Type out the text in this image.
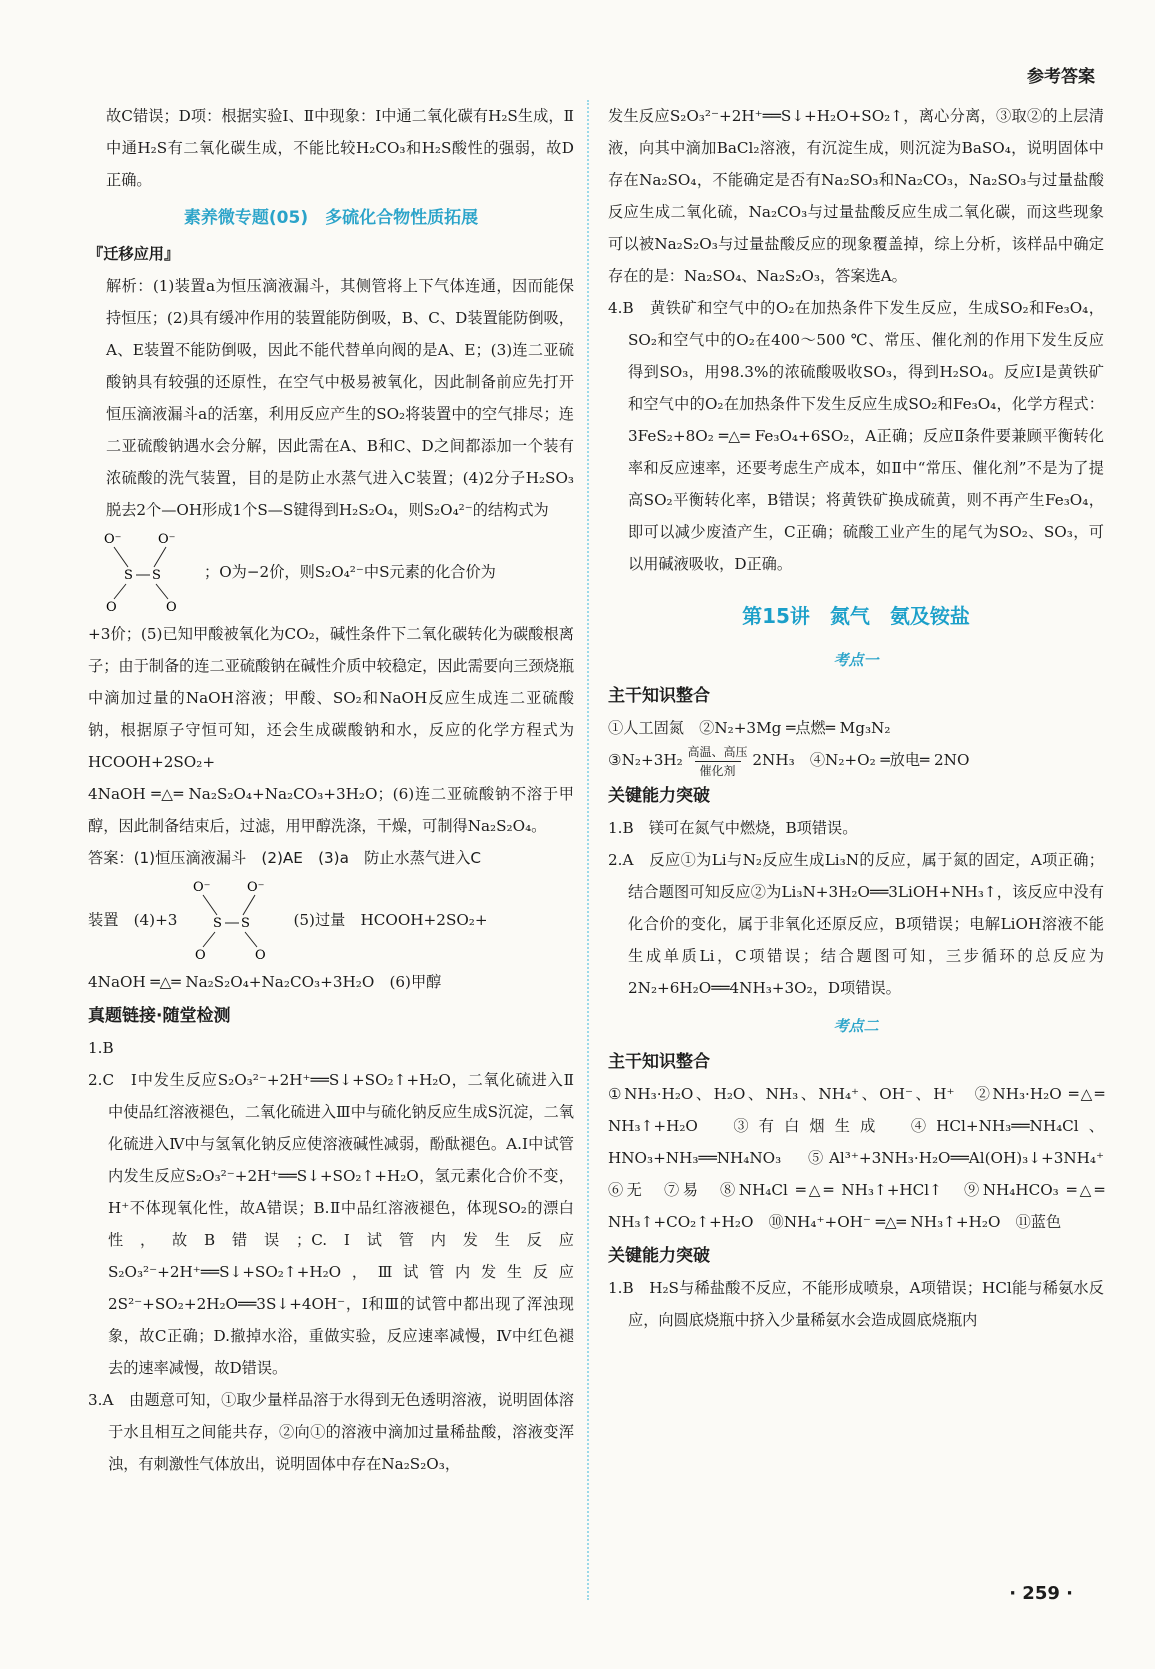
参考答案

故C错误；D项：根据实验Ⅰ、Ⅱ中现象：Ⅰ中通二氧化碳有H₂S生成，Ⅱ中通H₂S有二氧化碳生成，不能比较H₂CO₃和H₂S酸性的强弱，故D正确。

素养微专题(05)　多硫化合物性质拓展

『迁移应用』

解析：(1)装置a为恒压滴液漏斗，其侧管将上下气体连通，因而能保持恒压；(2)具有缓冲作用的装置能防倒吸，B、C、D装置能防倒吸，A、E装置不能防倒吸，因此不能代替单向阀的是A、E；(3)连二亚硫酸钠具有较强的还原性，在空气中极易被氧化，因此制备前应先打开恒压滴液漏斗a的活塞，利用反应产生的SO₂将装置中的空气排尽；连二亚硫酸钠遇水会分解，因此需在A、B和C、D之间都添加一个装有浓硫酸的洗气装置，目的是防止水蒸气进入C装置；(4)2分子H₂SO₃脱去2个—OH形成1个S—S键得到H₂S₂O₄，则S₂O₄²⁻的结构式为

O⁻	O⁻
S S
O	O
；O为−2价，则S₂O₄²⁻中S元素的化合价为

+3价；(5)已知甲酸被氧化为CO₂，碱性条件下二氧化碳转化为碳酸根离子；由于制备的连二亚硫酸钠在碱性介质中较稳定，因此需要向三颈烧瓶中滴加过量的NaOH溶液；甲酸、SO₂和NaOH反应生成连二亚硫酸钠，根据原子守恒可知，还会生成碳酸钠和水，反应的化学方程式为HCOOH+2SO₂+

4NaOH ═△═ Na₂S₂O₄+Na₂CO₃+3H₂O；(6)连二亚硫酸钠不溶于甲醇，因此制备结束后，过滤，用甲醇洗涤，干燥，可制得Na₂S₂O₄。

答案：(1)恒压滴液漏斗　(2)AE　(3)a　防止水蒸气进入C

装置　(4)+3
O⁻	O⁻
S S
O	O
(5)过量　HCOOH+2SO₂+

4NaOH ═△═ Na₂S₂O₄+Na₂CO₃+3H₂O　(6)甲醇

真题链接·随堂检测

1.B

2.C　Ⅰ中发生反应S₂O₃²⁻+2H⁺══S↓+SO₂↑+H₂O，二氧化硫进入Ⅱ中使品红溶液褪色，二氧化硫进入Ⅲ中与硫化钠反应生成S沉淀，二氧化硫进入Ⅳ中与氢氧化钠反应使溶液碱性减弱，酚酞褪色。A.Ⅰ中试管内发生反应S₂O₃²⁻+2H⁺══S↓+SO₂↑+H₂O，氢元素化合价不变，H⁺不体现氧化性，故A错误；B.Ⅱ中品红溶液褪色，体现SO₂的漂白性，故B错误；C.Ⅰ试管内发生反应S₂O₃²⁻+2H⁺══S↓+SO₂↑+H₂O，Ⅲ试管内发生反应2S²⁻+SO₂+2H₂O══3S↓+4OH⁻，Ⅰ和Ⅲ的试管中都出现了浑浊现象，故C正确；D.撤掉水浴，重做实验，反应速率减慢，Ⅳ中红色褪去的速率减慢，故D错误。

3.A　由题意可知，①取少量样品溶于水得到无色透明溶液，说明固体溶于水且相互之间能共存，②向①的溶液中滴加过量稀盐酸，溶液变浑浊，有刺激性气体放出，说明固体中存在Na₂S₂O₃，

发生反应S₂O₃²⁻+2H⁺══S↓+H₂O+SO₂↑，离心分离，③取②的上层清液，向其中滴加BaCl₂溶液，有沉淀生成，则沉淀为BaSO₄，说明固体中存在Na₂SO₄，不能确定是否有Na₂SO₃和Na₂CO₃，Na₂SO₃与过量盐酸反应生成二氧化硫，Na₂CO₃与过量盐酸反应生成二氧化碳，而这些现象可以被Na₂S₂O₃与过量盐酸反应的现象覆盖掉，综上分析，该样品中确定存在的是：Na₂SO₄、Na₂S₂O₃，答案选A。

4.B　黄铁矿和空气中的O₂在加热条件下发生反应，生成SO₂和Fe₃O₄，SO₂和空气中的O₂在400～500 ℃、常压、催化剂的作用下发生反应得到SO₃，用98.3%的浓硫酸吸收SO₃，得到H₂SO₄。反应Ⅰ是黄铁矿和空气中的O₂在加热条件下发生反应生成SO₂和Fe₃O₄，化学方程式：3FeS₂+8O₂ ═△═ Fe₃O₄+6SO₂，A正确；反应Ⅱ条件要兼顾平衡转化率和反应速率，还要考虑生产成本，如Ⅱ中“常压、催化剂”不是为了提高SO₂平衡转化率，B错误；将黄铁矿换成硫黄，则不再产生Fe₃O₄，即可以减少废渣产生，C正确；硫酸工业产生的尾气为SO₂、SO₃，可以用碱液吸收，D正确。

第15讲　氮气　氨及铵盐
考点一
主干知识整合

①人工固氮　②N₂+3Mg ═点燃═ Mg₃N₂

③N₂+3H₂ 高温、高压
催化剂
2NH₃　④N₂+O₂ ═放电═ 2NO

关键能力突破

1.B　镁可在氮气中燃烧，B项错误。

2.A　反应①为Li与N₂反应生成Li₃N的反应，属于氮的固定，A项正确；结合题图可知反应②为Li₃N+3H₂O══3LiOH+NH₃↑，该反应中没有化合价的变化，属于非氧化还原反应，B项错误；电解LiOH溶液不能生成单质Li，C项错误；结合题图可知，三步循环的总反应为2N₂+6H₂O══4NH₃+3O₂，D项错误。

考点二
主干知识整合

①NH₃·H₂O、H₂O、NH₃、NH₄⁺、OH⁻、H⁺　②NH₃·H₂O ═△═ NH₃↑+H₂O　③有白烟生成　④HCl+NH₃══NH₄Cl、HNO₃+NH₃══NH₄NO₃　⑤Al³⁺+3NH₃·H₂O══Al(OH)₃↓+3NH₄⁺　⑥无　⑦易　⑧NH₄Cl ═△═ NH₃↑+HCl↑　⑨NH₄HCO₃ ═△═ NH₃↑+CO₂↑+H₂O　⑩NH₄⁺+OH⁻ ═△═ NH₃↑+H₂O　⑪蓝色

关键能力突破

1.B　H₂S与稀盐酸不反应，不能形成喷泉，A项错误；HCl能与稀氨水反应，向圆底烧瓶中挤入少量稀氨水会造成圆底烧瓶内

· 259 ·
